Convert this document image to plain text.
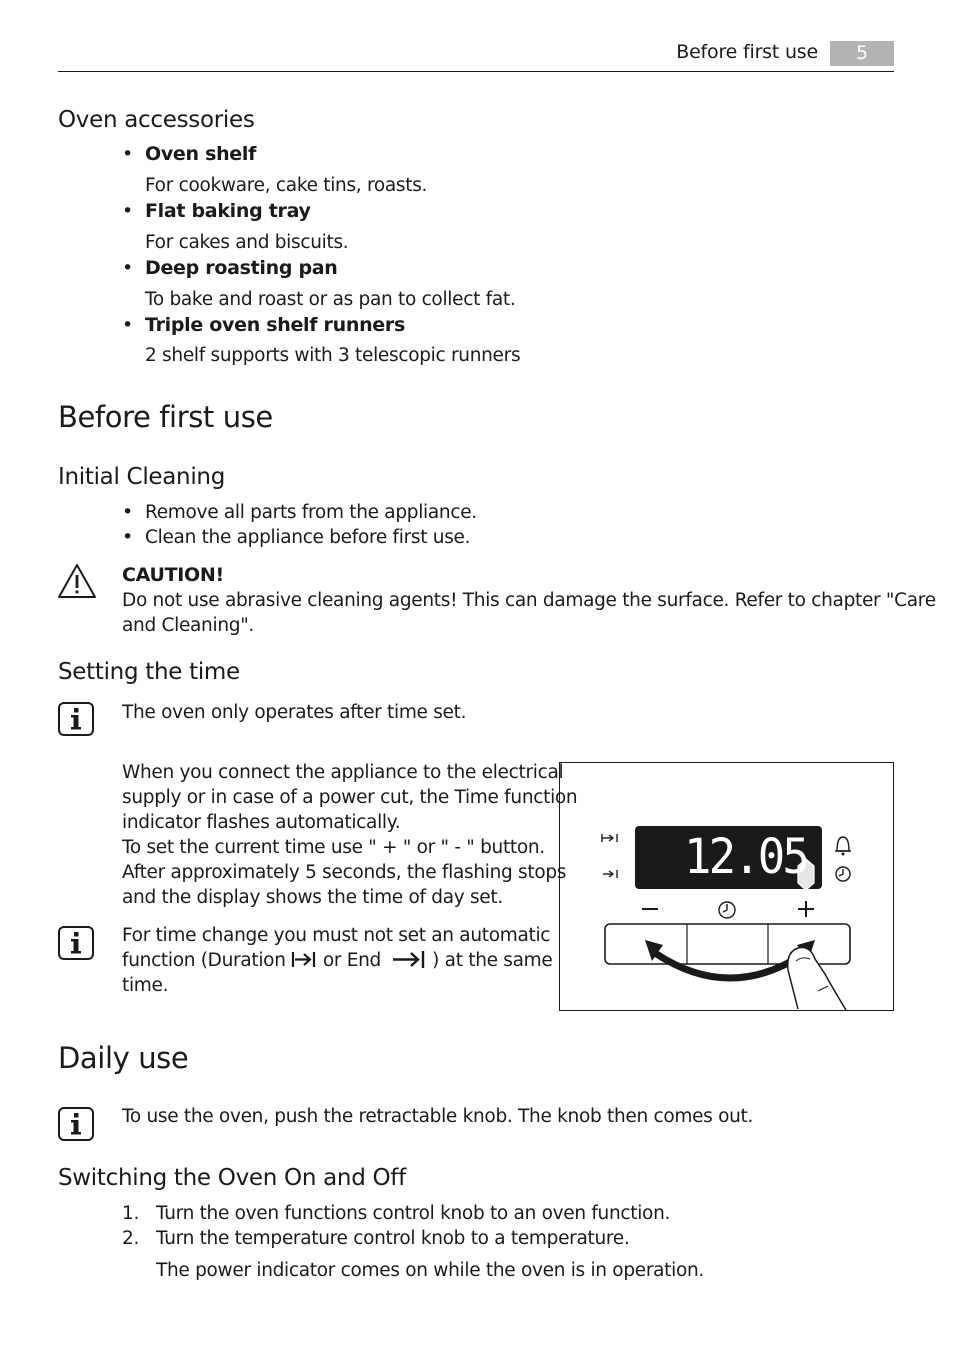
Before first use	5
Oven accessories
• Oven shelf
For cookware, cake tins, roasts.
• Flat baking tray
For cakes and biscuits.
• Deep roasting pan
To bake and roast or as pan to collect fat.
• Triple oven shelf runners
2 shelf supports with 3 telescopic runners
Before first use
Initial Cleaning
• Remove all parts from the appliance.
• Clean the appliance before first use.
CAUTION!
Do not use abrasive cleaning agents! This can damage the surface. Refer to chapter "Care
and Cleaning".
Setting the time
The oven only operates after time set.
When you connect the appliance to the electrical
supply or in case of a power cut, the Time function
indicator flashes automatically.
To set the current time use " + " or " - " button.
After approximately 5 seconds, the flashing stops
and the display shows the time of day set.
For time change you must not set an automatic
function (Duration or End	) at the same
time.
12.05
Daily use
To use the oven, push the retractable knob. The knob then comes out.
Switching the Oven On and Off
1. Turn the oven functions control knob to an oven function.
2. Turn the temperature control knob to a temperature.
The power indicator comes on while the oven is in operation.
